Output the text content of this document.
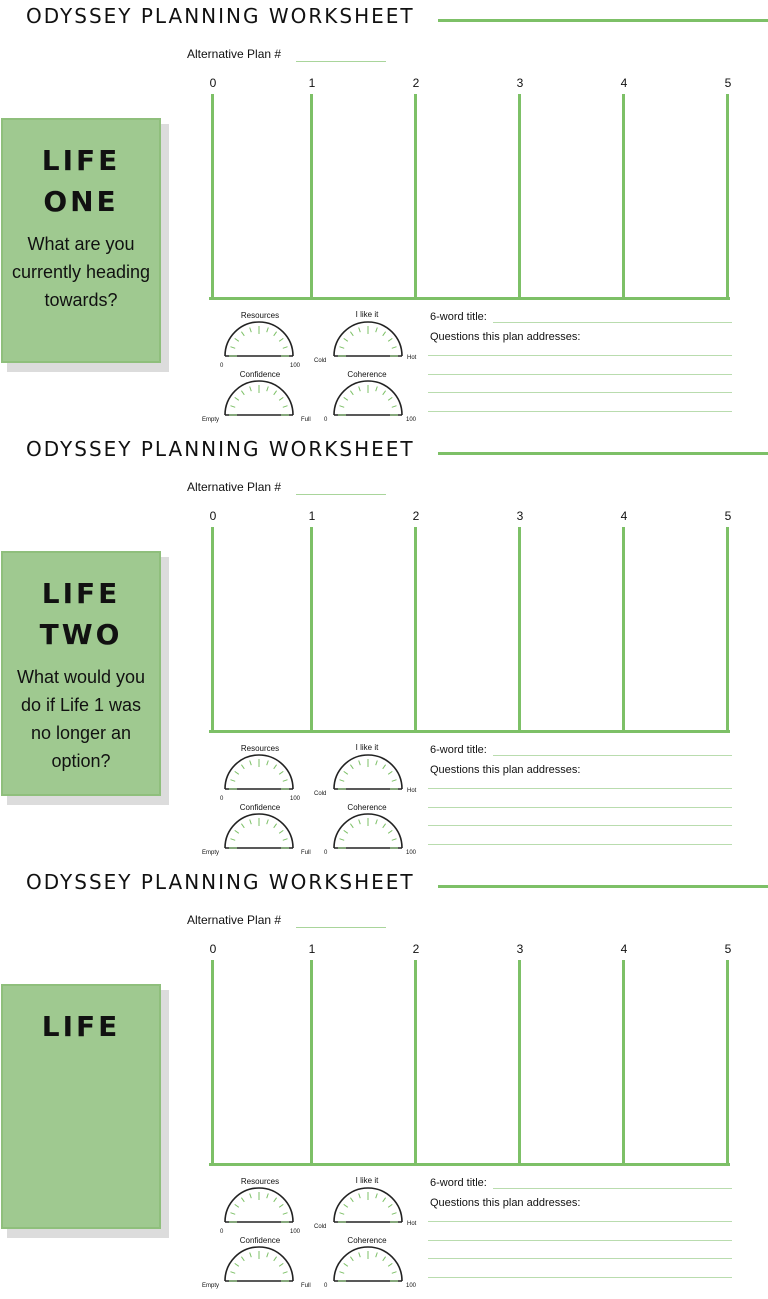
ODYSSEY PLANNING WORKSHEET
Alternative Plan #
0	1	2	3	4	5
LIFE
ONE
What are you currently heading towards?
Resources
0	100
I like it
Cold	Hot
Confidence
Empty	Full
Coherence
0	100
6-word title:
Questions this plan addresses:
ODYSSEY PLANNING WORKSHEET
Alternative Plan #
0	1	2	3	4	5
LIFE
TWO
What would you do if Life 1 was no longer an option?
Resources
0	100
I like it
Cold	Hot
Confidence
Empty	Full
Coherence
0	100
6-word title:
Questions this plan addresses:
ODYSSEY PLANNING WORKSHEET
Alternative Plan #
0	1	2	3	4	5
LIFE
Resources
0	100
I like it
Cold	Hot
Confidence
Empty	Full
Coherence
0	100
6-word title:
Questions this plan addresses:
